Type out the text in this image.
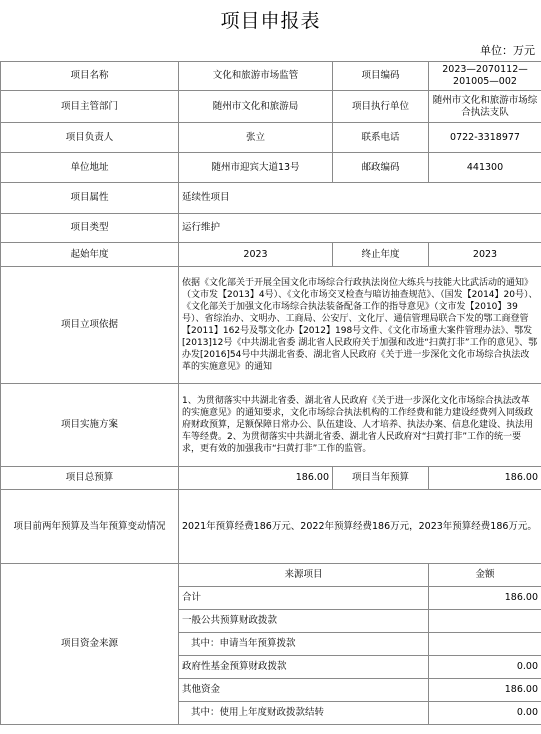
项目申报表
单位：万元
项目名称	文化和旅游市场监管	项目编码	2023—2070112—201005—002
项目主管部门	随州市文化和旅游局	项目执行单位	随州市文化和旅游市场综合执法支队
项目负责人	张立	联系电话	0722-3318977
单位地址	随州市迎宾大道13号	邮政编码	441300
项目属性	延续性项目		
项目类型	运行维护		
起始年度	2023	终止年度	2023
项目立项依据	依据《文化部关于开展全国文化市场综合行政执法岗位大练兵与技能大比武活动的通知》（文市发【2013】4号）、《文化市场交叉检查与暗访抽查规范》、（国发【2014】20号）、《文化部关于加强文化市场综合执法装备配备工作的指导意见》（文市发【2010】39号）、省综治办、文明办、工商局、公安厅、文化厅、通信管理局联合下发的鄂工商登管【2011】162号及鄂文化办【2012】198号文件、《文化市场重大案件管理办法》、鄂发[2013]12号《中共湖北省委 湖北省人民政府关于加强和改进“扫黄打非”工作的意见》、鄂办发[2016]54号中共湖北省委、湖北省人民政府《关于进一步深化文化市场综合执法改革的实施意见》的通知		
项目实施方案	1、为贯彻落实中共湖北省委、湖北省人民政府《关于进一步深化文化市场综合执法改革的实施意见》的通知要求，文化市场综合执法机构的工作经费和能力建设经费列入同级政府财政预算，足额保障日常办公、队伍建设、人才培养、执法办案、信息化建设、执法用车等经费。2、为贯彻落实中共湖北省委、湖北省人民政府对“扫黄打非”工作的统一要求，更有效的加强我市“扫黄打非”工作的监管。		
项目总预算	186.00	项目当年预算	186.00
项目前两年预算及当年预算变动情况	2021年预算经费186万元、2022年预算经费186万元，2023年预算经费186万元。		
项目资金来源	来源项目		金额
	合计		186.00
	一般公共预算财政拨款		
	其中：申请当年预算拨款		
	政府性基金预算财政拨款		0.00
	其他资金		186.00
	其中：使用上年度财政拨款结转		0.00
